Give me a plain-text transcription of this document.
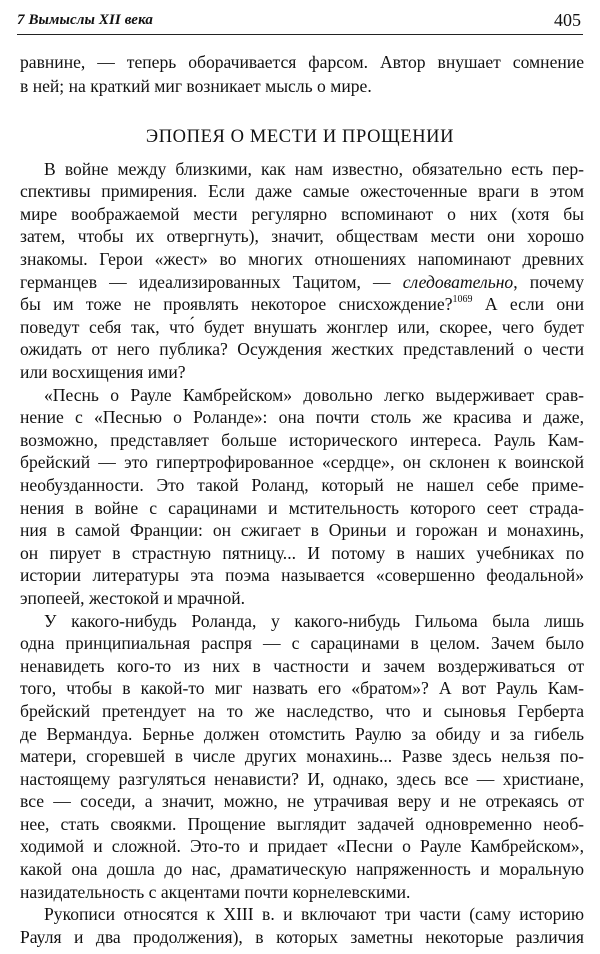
7 Вымыслы XII века	405
равнине, — теперь оборачивается фарсом. Автор внушает сомнение
в ней; на краткий миг возникает мысль о мире.
ЭПОПЕЯ О МЕСТИ И ПРОЩЕНИИ
В войне между близкими, как нам известно, обязательно есть пер-
спективы примирения. Если даже самые ожесточенные враги в этом
мире воображаемой мести регулярно вспоминают о них (хотя бы
затем, чтобы их отвергнуть), значит, обществам мести они хорошо
знакомы. Герои «жест» во многих отношениях напоминают древних
германцев — идеализированных Тацитом, — следовательно, почему
бы им тоже не проявлять некоторое снисхождение?$^{1069}$ А если они
поведут себя так, что́ будет внушать жонглер или, скорее, чего будет
ожидать от него публика? Осуждения жестких представлений о чести
или восхищения ими?
«Песнь о Рауле Камбрейском» довольно легко выдерживает срав-
нение с «Песнью о Роланде»: она почти столь же красива и даже,
возможно, представляет больше исторического интереса. Рауль Кам-
брейский — это гипертрофированное «сердце», он склонен к воинской
необузданности. Это такой Роланд, который не нашел себе приме-
нения в войне с сарацинами и мстительность которого сеет страда-
ния в самой Франции: он сжигает в Ориньи и горожан и монахинь,
он пирует в страстную пятницу... И потому в наших учебниках по
истории литературы эта поэма называется «совершенно феодальной»
эпопеей, жестокой и мрачной.
У какого-нибудь Роланда, у какого-нибудь Гильома была лишь
одна принципиальная распря — с сарацинами в целом. Зачем было
ненавидеть кого-то из них в частности и зачем воздерживаться от
того, чтобы в какой-то миг назвать его «братом»? А вот Рауль Кам-
брейский претендует на то же наследство, что и сыновья Герберта
де Вермандуа. Бернье должен отомстить Раулю за обиду и за гибель
матери, сгоревшей в числе других монахинь... Разве здесь нельзя по-
настоящему разгуляться ненависти? И, однако, здесь все — христиане,
все — соседи, а значит, можно, не утрачивая веру и не отрекаясь от
нее, стать своякми. Прощение выглядит задачей одновременно необ-
ходимой и сложной. Это-то и придает «Песни о Рауле Камбрейском»,
какой она дошла до нас, драматическую напряженность и моральную
назидательность с акцентами почти корнелевскими.
Рукописи относятся к XIII в. и включают три части (саму историю
Рауля и два продолжения), в которых заметны некоторые различия
